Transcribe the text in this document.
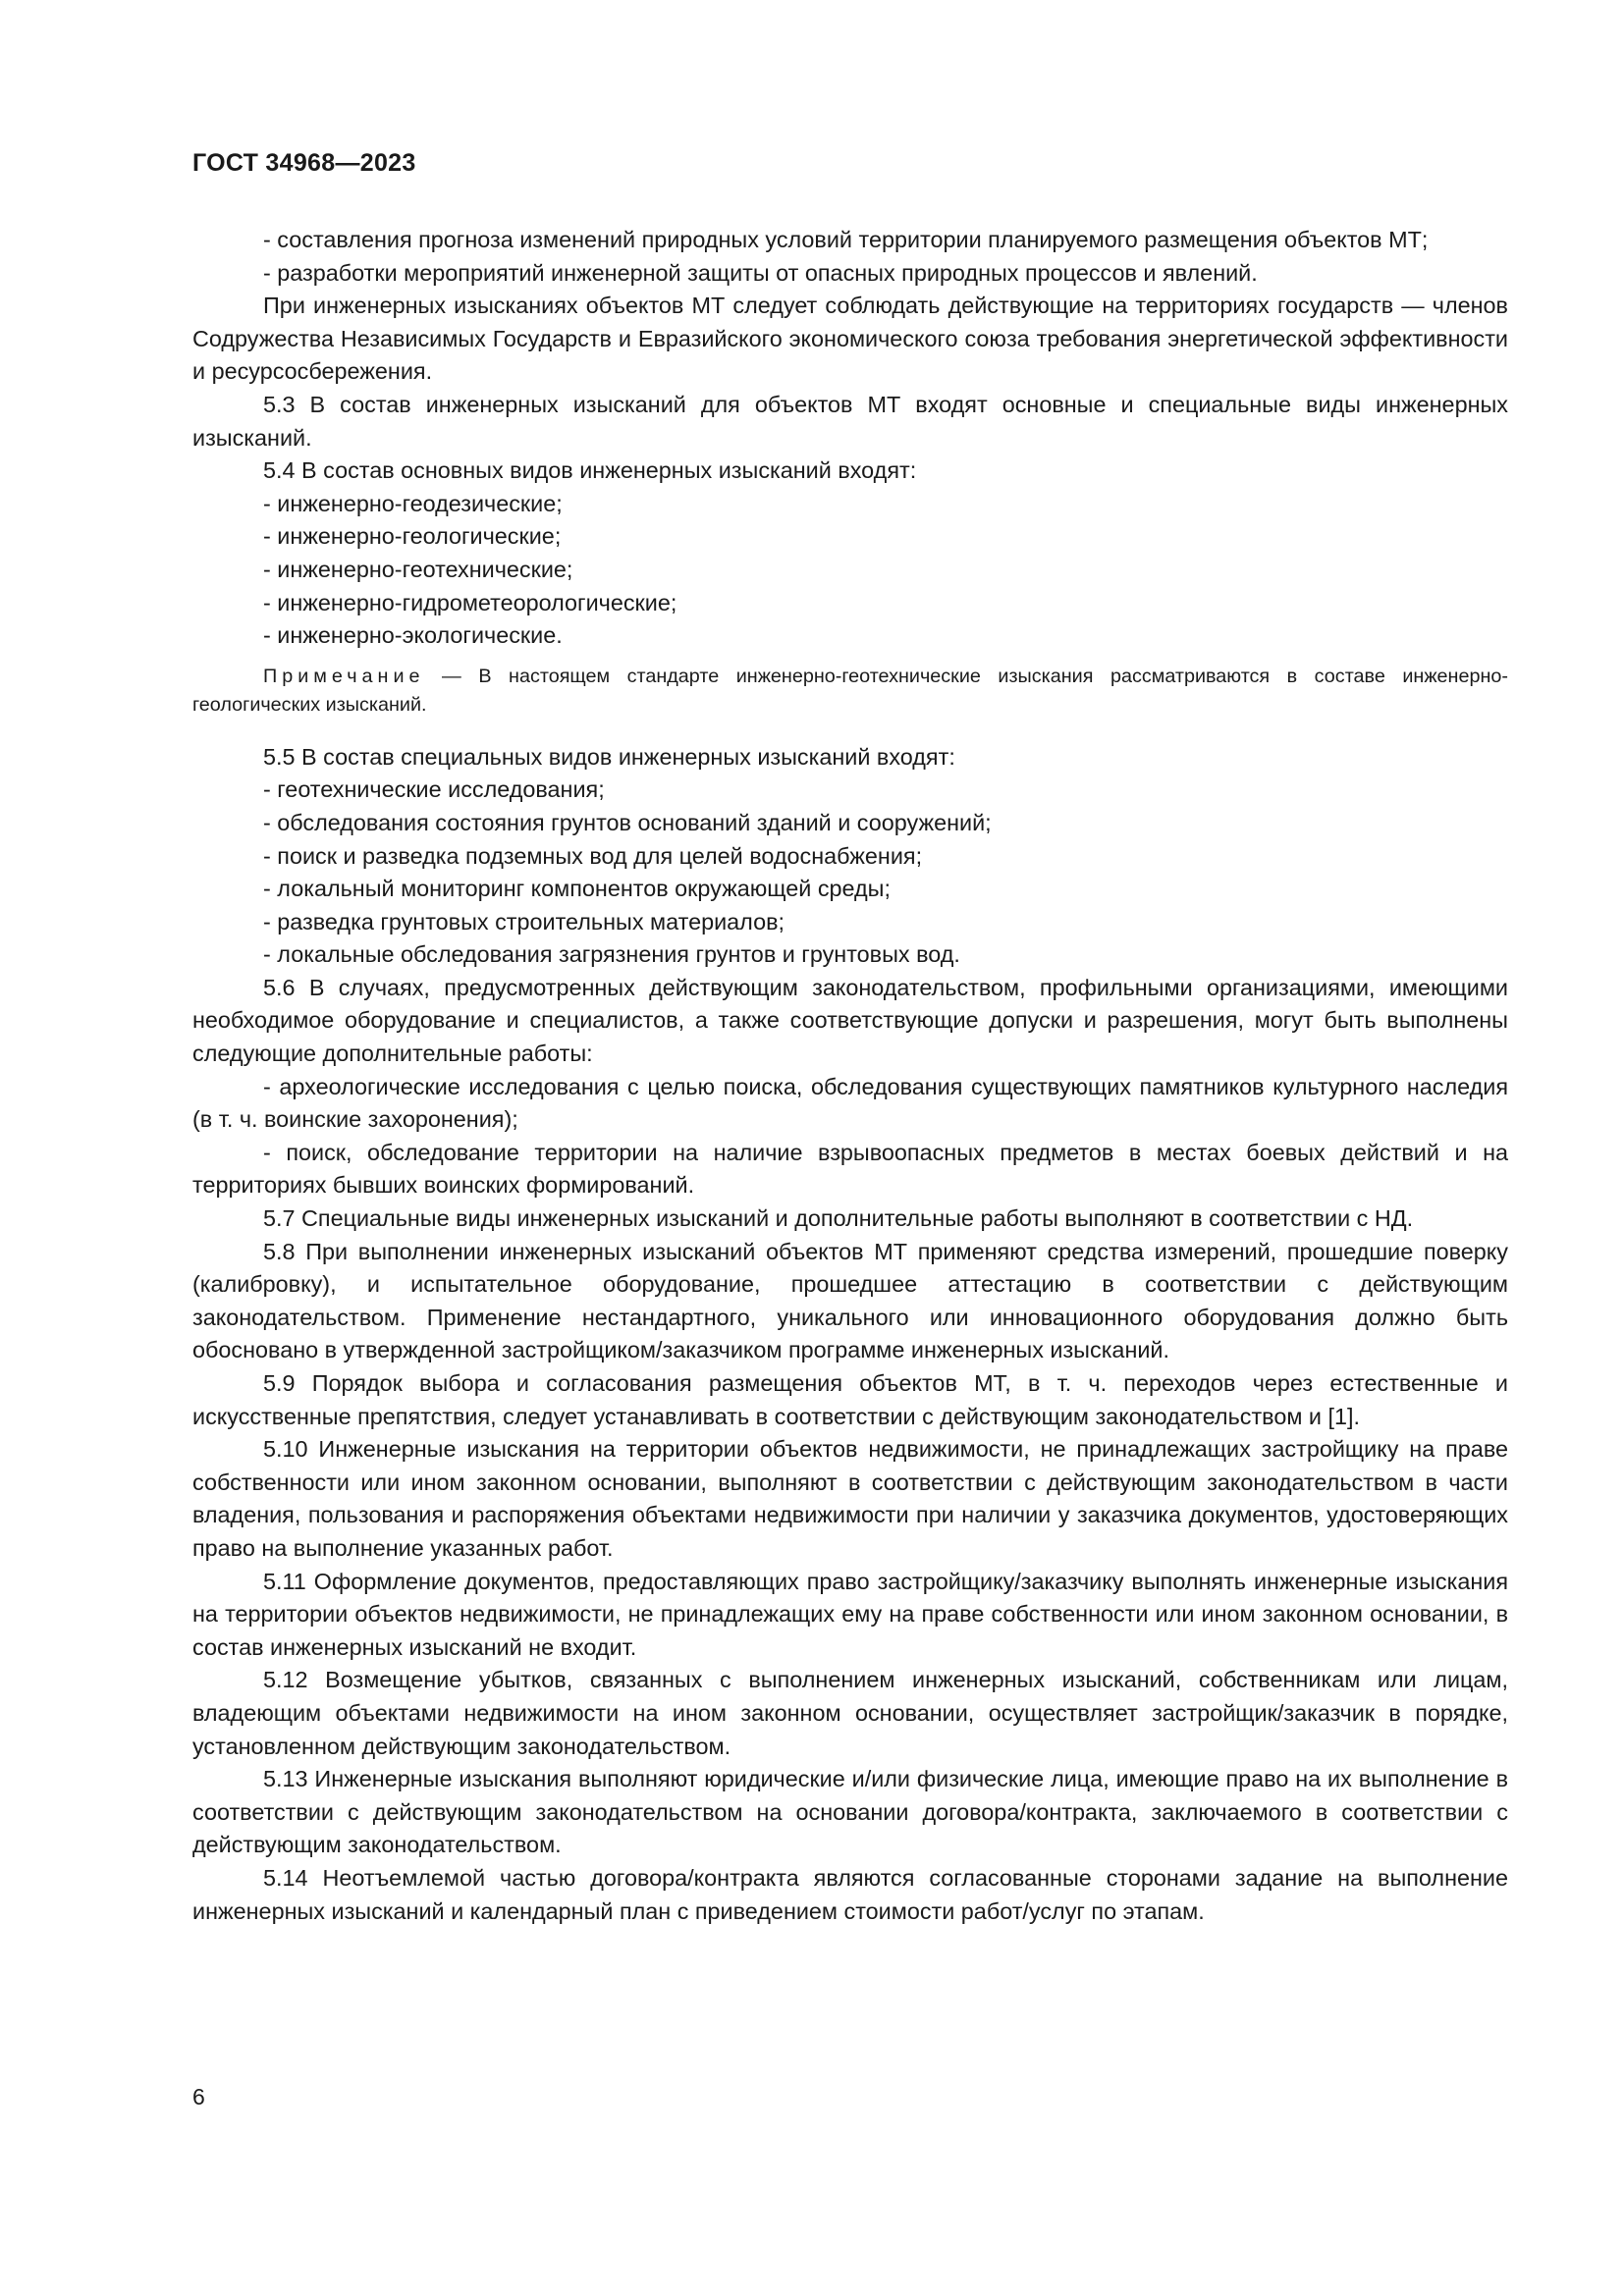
ГОСТ 34968—2023

- составления прогноза изменений природных условий территории планируемого размещения объектов МТ;

- разработки мероприятий инженерной защиты от опасных природных процессов и явлений.

При инженерных изысканиях объектов МТ следует соблюдать действующие на территориях государств — членов Содружества Независимых Государств и Евразийского экономического союза требования энергетической эффективности и ресурсосбережения.

5.3 В состав инженерных изысканий для объектов МТ входят основные и специальные виды инженерных изысканий.

5.4 В состав основных видов инженерных изысканий входят:

- инженерно-геодезические;

- инженерно-геологические;

- инженерно-геотехнические;

- инженерно-гидрометеорологические;

- инженерно-экологические.

Примечание — В настоящем стандарте инженерно-геотехнические изыскания рассматриваются в составе инженерно-геологических изысканий.

5.5 В состав специальных видов инженерных изысканий входят:

- геотехнические исследования;

- обследования состояния грунтов оснований зданий и сооружений;

- поиск и разведка подземных вод для целей водоснабжения;

- локальный мониторинг компонентов окружающей среды;

- разведка грунтовых строительных материалов;

- локальные обследования загрязнения грунтов и грунтовых вод.

5.6 В случаях, предусмотренных действующим законодательством, профильными организациями, имеющими необходимое оборудование и специалистов, а также соответствующие допуски и разрешения, могут быть выполнены следующие дополнительные работы:

- археологические исследования с целью поиска, обследования существующих памятников культурного наследия (в т. ч. воинские захоронения);

- поиск, обследование территории на наличие взрывоопасных предметов в местах боевых действий и на территориях бывших воинских формирований.

5.7 Специальные виды инженерных изысканий и дополнительные работы выполняют в соответствии с НД.

5.8 При выполнении инженерных изысканий объектов МТ применяют средства измерений, прошедшие поверку (калибровку), и испытательное оборудование, прошедшее аттестацию в соответствии с действующим законодательством. Применение нестандартного, уникального или инновационного оборудования должно быть обосновано в утвержденной застройщиком/заказчиком программе инженерных изысканий.

5.9 Порядок выбора и согласования размещения объектов МТ, в т. ч. переходов через естественные и искусственные препятствия, следует устанавливать в соответствии с действующим законодательством и [1].

5.10 Инженерные изыскания на территории объектов недвижимости, не принадлежащих застройщику на праве собственности или ином законном основании, выполняют в соответствии с действующим законодательством в части владения, пользования и распоряжения объектами недвижимости при наличии у заказчика документов, удостоверяющих право на выполнение указанных работ.

5.11 Оформление документов, предоставляющих право застройщику/заказчику выполнять инженерные изыскания на территории объектов недвижимости, не принадлежащих ему на праве собственности или ином законном основании, в состав инженерных изысканий не входит.

5.12 Возмещение убытков, связанных с выполнением инженерных изысканий, собственникам или лицам, владеющим объектами недвижимости на ином законном основании, осуществляет застройщик/заказчик в порядке, установленном действующим законодательством.

5.13 Инженерные изыскания выполняют юридические и/или физические лица, имеющие право на их выполнение в соответствии с действующим законодательством на основании договора/контракта, заключаемого в соответствии с действующим законодательством.

5.14 Неотъемлемой частью договора/контракта являются согласованные сторонами задание на выполнение инженерных изысканий и календарный план с приведением стоимости работ/услуг по этапам.

6
